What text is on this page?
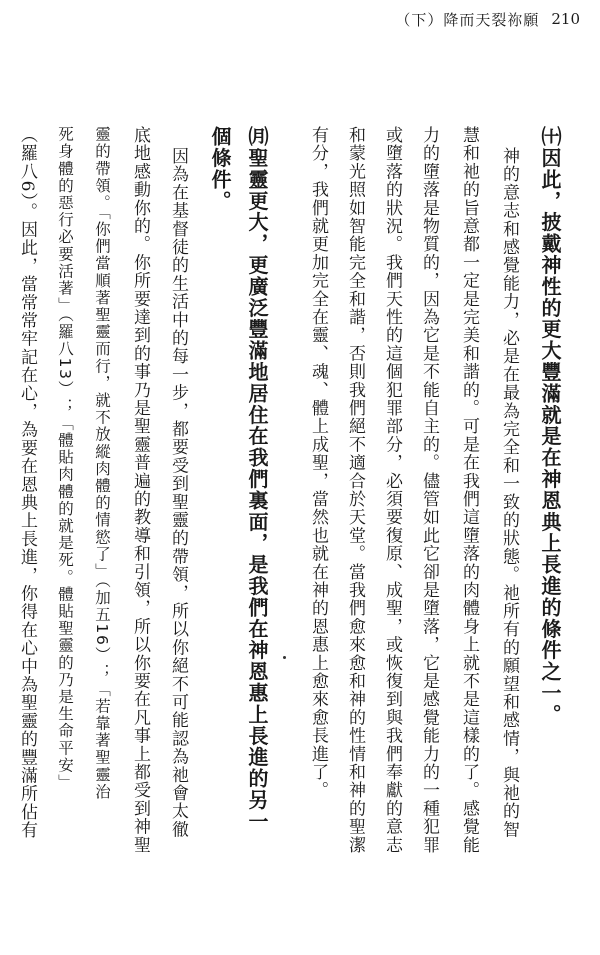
（下）降而天裂祢願 210
㈩因此，披戴神性的更大豐滿就是在神恩典上長進的條件之一。
神的意志和感覺能力，必是在最為完全和一致的狀態。祂所有的願望和感情，與祂的智
慧和祂的旨意都一定是完美和諧的。可是在我們這墮落的肉體身上就不是這樣的了。感覺能
力的墮落是物質的，因為它是不能自主的。儘管如此它卻是墮落，它是感覺能力的一種犯罪
或墮落的狀況。我們天性的這個犯罪部分，必須要復原、成聖，或恢復到與我們奉獻的意志
和蒙光照如智能完全和諧，否則我們絕不適合於天堂。當我們愈來愈和神的性情和神的聖潔
有分，我們就更加完全在靈、魂、體上成聖，當然也就在神的恩惠上愈來愈長進了。
㈪聖靈更大，更廣泛豐滿地居住在我們裏面，是我們在神恩惠上長進的另一
個條件。
因為在基督徒的生活中的每一步，都要受到聖靈的帶領，所以你絕不可能認為祂會太徹
底地感動你的。你所要達到的事乃是聖靈普遍的教導和引領，所以你要在凡事上都受到神聖
靈的帶領。「你們當順著聖靈而行，就不放縱肉體的情慾了」（加五16）；「若靠著聖靈治
死身體的惡行必要活著」（羅八13）；「體貼肉體的就是死。體貼聖靈的乃是生命平安」
（羅八6）。因此，當常常牢記在心，為要在恩典上長進，你得在心中為聖靈的豐滿所佔有
